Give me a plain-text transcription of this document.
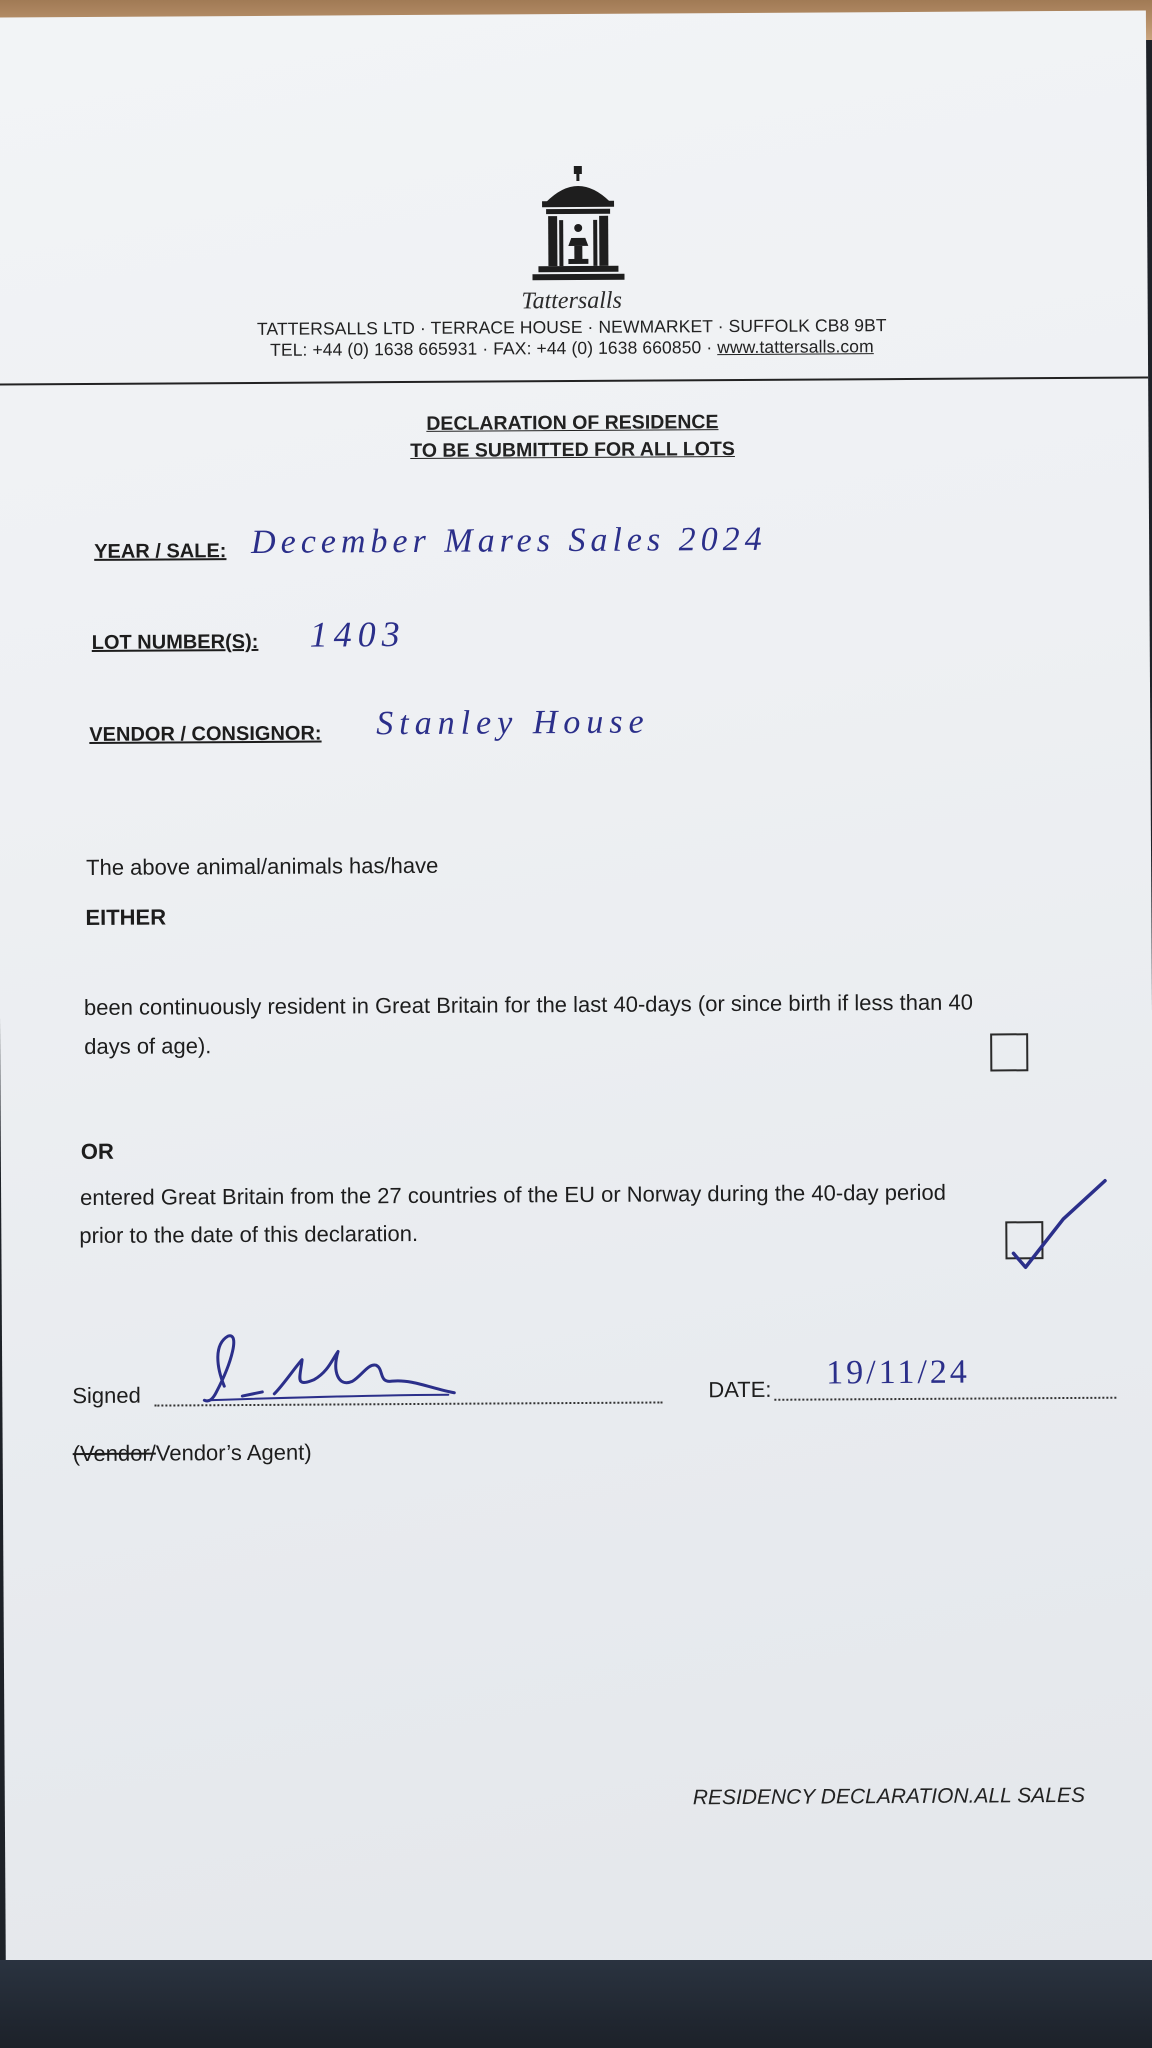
Tattersalls
TATTERSALLS LTD · TERRACE HOUSE · NEWMARKET · SUFFOLK CB8 9BT
TEL: +44 (0) 1638 665931 · FAX: +44 (0) 1638 660850 · www.tattersalls.com
DECLARATION OF RESIDENCE
TO BE SUBMITTED FOR ALL LOTS
YEAR / SALE: December Mares Sales 2024
LOT NUMBER(S): 1403
VENDOR / CONSIGNOR: Stanley House
The above animal/animals has/have
EITHER
been continuously resident in Great Britain for the last 40-days (or since birth if less than 40
days of age).
OR
entered Great Britain from the 27 countries of the EU or Norway during the 40-day period
prior to the date of this declaration.
Signed	DATE: 19/11/24
(Vendor/Vendor’s Agent)
RESIDENCY DECLARATION.ALL SALES
